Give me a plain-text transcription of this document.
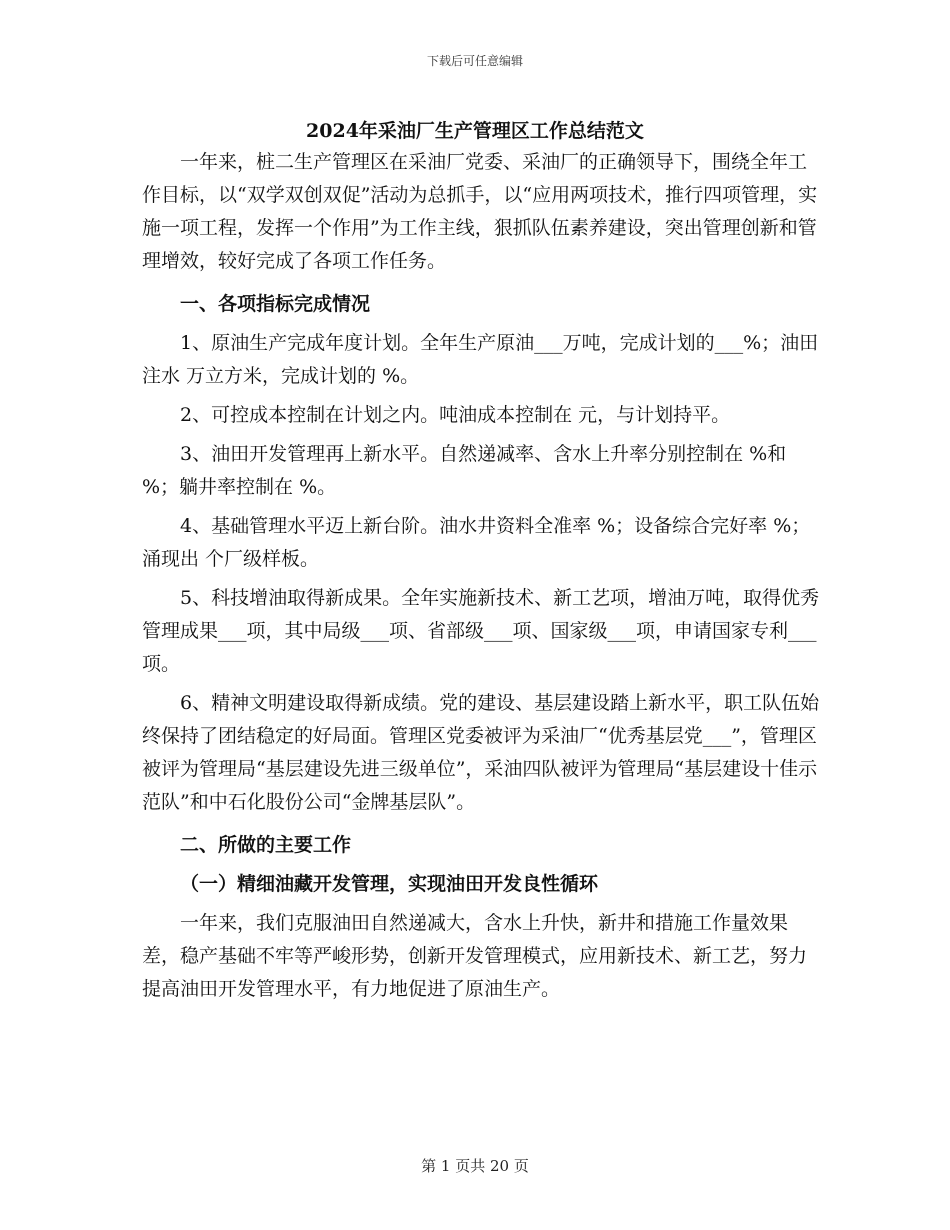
下载后可任意编辑
2024年采油厂生产管理区工作总结范文

一年来，桩二生产管理区在采油厂党委、采油厂的正确领导下，围绕全年工作目标，以“双学双创双促”活动为总抓手，以“应用两项技术，推行四项管理，实施一项工程，发挥一个作用”为工作主线，狠抓队伍素养建设，突出管理创新和管理增效，较好完成了各项工作任务。

一、各项指标完成情况

1、原油生产完成年度计划。全年生产原油___万吨，完成计划的___%；油田注水 万立方米，完成计划的 %。

2、可控成本控制在计划之内。吨油成本控制在 元，与计划持平。

3、油田开发管理再上新水平。自然递减率、含水上升率分别控制在 %和 %；躺井率控制在 %。

4、基础管理水平迈上新台阶。油水井资料全准率 %；设备综合完好率 %；涌现出 个厂级样板。

5、科技增油取得新成果。全年实施新技术、新工艺项，增油万吨，取得优秀管理成果___项，其中局级___项、省部级___项、国家级___项，申请国家专利___项。

6、精神文明建设取得新成绩。党的建设、基层建设踏上新水平，职工队伍始终保持了团结稳定的好局面。管理区党委被评为采油厂“优秀基层党___”，管理区被评为管理局“基层建设先进三级单位”，采油四队被评为管理局“基层建设十佳示范队”和中石化股份公司“金牌基层队”。

二、所做的主要工作

（一）精细油藏开发管理，实现油田开发良性循环

一年来，我们克服油田自然递减大，含水上升快，新井和措施工作量效果差，稳产基础不牢等严峻形势，创新开发管理模式，应用新技术、新工艺，努力提高油田开发管理水平，有力地促进了原油生产。

第 1 页共 20 页
